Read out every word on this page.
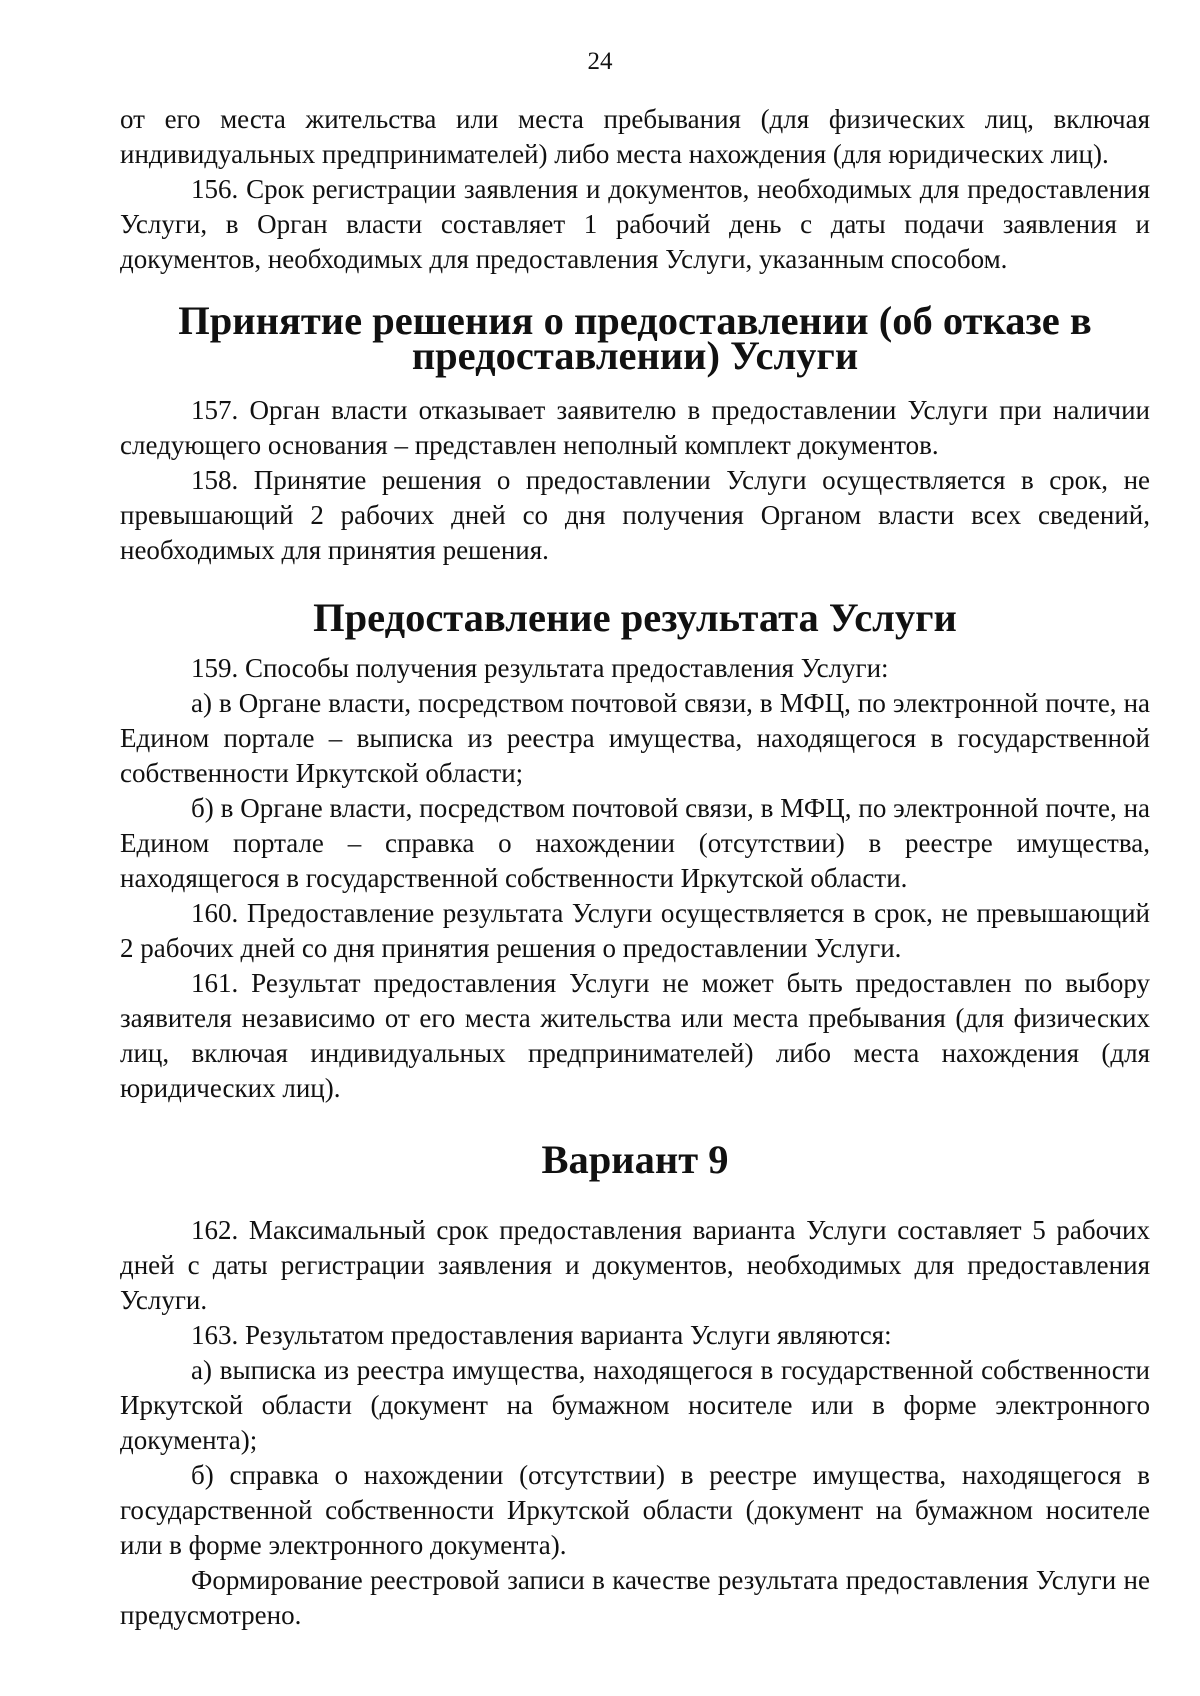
24

от его места жительства или места пребывания (для физических лиц, включая индивидуальных предпринимателей) либо места нахождения (для юридических лиц).

156. Срок регистрации заявления и документов, необходимых для предоставления Услуги, в Орган власти составляет 1 рабочий день с даты подачи заявления и документов, необходимых для предоставления Услуги, указанным способом.

Принятие решения о предоставлении (об отказе в предоставлении) Услуги

157. Орган власти отказывает заявителю в предоставлении Услуги при наличии следующего основания – представлен неполный комплект документов.

158. Принятие решения о предоставлении Услуги осуществляется в срок, не превышающий 2 рабочих дней со дня получения Органом власти всех сведений, необходимых для принятия решения.

Предоставление результата Услуги

159. Способы получения результата предоставления Услуги:

а) в Органе власти, посредством почтовой связи, в МФЦ, по электронной почте, на Едином портале – выписка из реестра имущества, находящегося в государственной собственности Иркутской области;

б) в Органе власти, посредством почтовой связи, в МФЦ, по электронной почте, на Едином портале – справка о нахождении (отсутствии) в реестре имущества, находящегося в государственной собственности Иркутской области.

160. Предоставление результата Услуги осуществляется в срок, не превышающий 2 рабочих дней со дня принятия решения о предоставлении Услуги.

161. Результат предоставления Услуги не может быть предоставлен по выбору заявителя независимо от его места жительства или места пребывания (для физических лиц, включая индивидуальных предпринимателей) либо места нахождения (для юридических лиц).

Вариант 9

162. Максимальный срок предоставления варианта Услуги составляет 5 рабочих дней с даты регистрации заявления и документов, необходимых для предоставления Услуги.

163. Результатом предоставления варианта Услуги являются:

а) выписка из реестра имущества, находящегося в государственной собственности Иркутской области (документ на бумажном носителе или в форме электронного документа);

б) справка о нахождении (отсутствии) в реестре имущества, находящегося в государственной собственности Иркутской области (документ на бумажном носителе или в форме электронного документа).

Формирование реестровой записи в качестве результата предоставления Услуги не предусмотрено.
